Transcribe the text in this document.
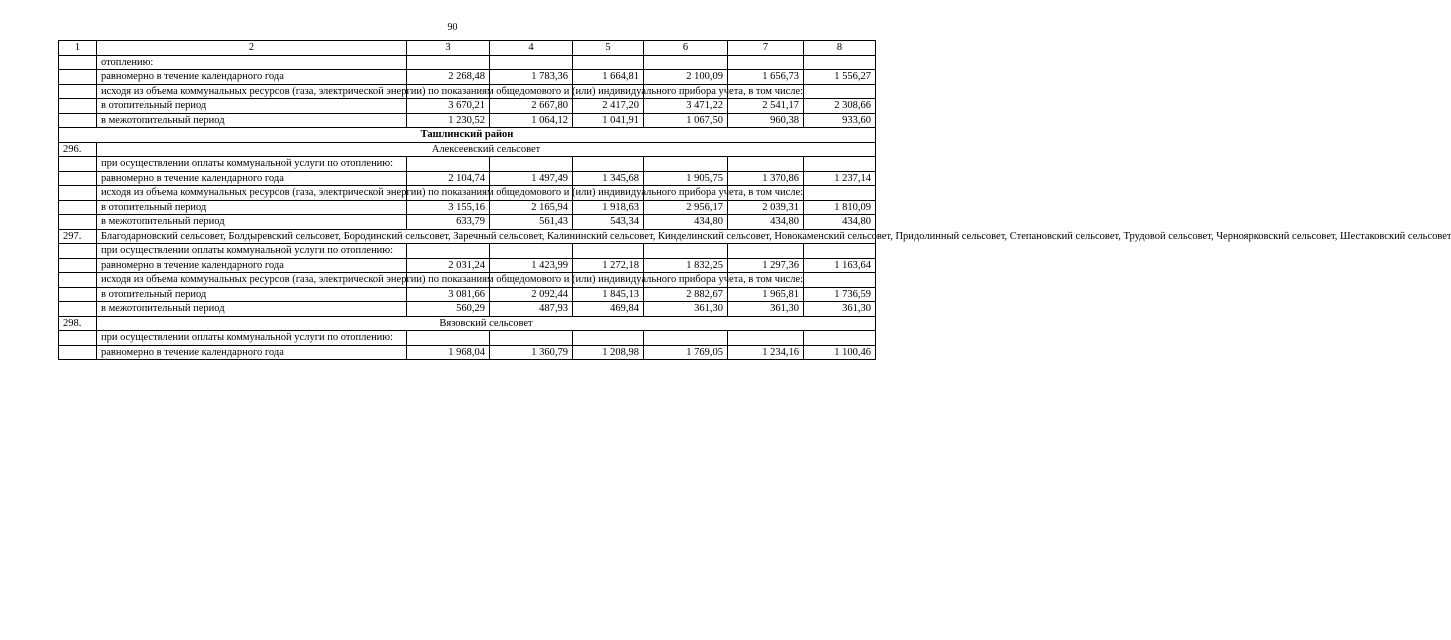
90
1	2	3	4	5	6	7	8
	отоплению:						
	равномерно в течение календарного года	2 268,48	1 783,36	1 664,81	2 100,09	1 656,73	1 556,27
	исходя из объема коммунальных ресурсов (газа, электрической энергии) по показаниям общедомового и (или) индивидуального прибора учета, в том числе:						
	в отопительный период	3 670,21	2 667,80	2 417,20	3 471,22	2 541,17	2 308,66
	в межотопительный период	1 230,52	1 064,12	1 041,91	1 067,50	960,38	933,60
Ташлинский район							
296.	Алексеевский сельсовет						
	при осуществлении оплаты коммунальной услуги по отоплению:						
	равномерно в течение календарного года	2 104,74	1 497,49	1 345,68	1 905,75	1 370,86	1 237,14
	исходя из объема коммунальных ресурсов (газа, электрической энергии) по показаниям общедомового и (или) индивидуального прибора учета, в том числе:						
	в отопительный период	3 155,16	2 165,94	1 918,63	2 956,17	2 039,31	1 810,09
	в межотопительный период	633,79	561,43	543,34	434,80	434,80	434,80
297.	Благодарновский сельсовет, Болдыревский сельсовет, Бородинский сельсовет, Заречный сельсовет, Калининский сельсовет, Кинделинский сельсовет, Новокаменский сельсовет, Придолинный сельсовет, Степановский сельсовет, Трудовой сельсовет, Черноярковский сельсовет, Шестаковский сельсовет						
	при осуществлении оплаты коммунальной услуги по отоплению:						
	равномерно в течение календарного года	2 031,24	1 423,99	1 272,18	1 832,25	1 297,36	1 163,64
	исходя из объема коммунальных ресурсов (газа, электрической энергии) по показаниям общедомового и (или) индивидуального прибора учета, в том числе:						
	в отопительный период	3 081,66	2 092,44	1 845,13	2 882,67	1 965,81	1 736,59
	в межотопительный период	560,29	487,93	469,84	361,30	361,30	361,30
298.	Вязовский сельсовет						
	при осуществлении оплаты коммунальной услуги по отоплению:						
	равномерно в течение календарного года	1 968,04	1 360,79	1 208,98	1 769,05	1 234,16	1 100,46
